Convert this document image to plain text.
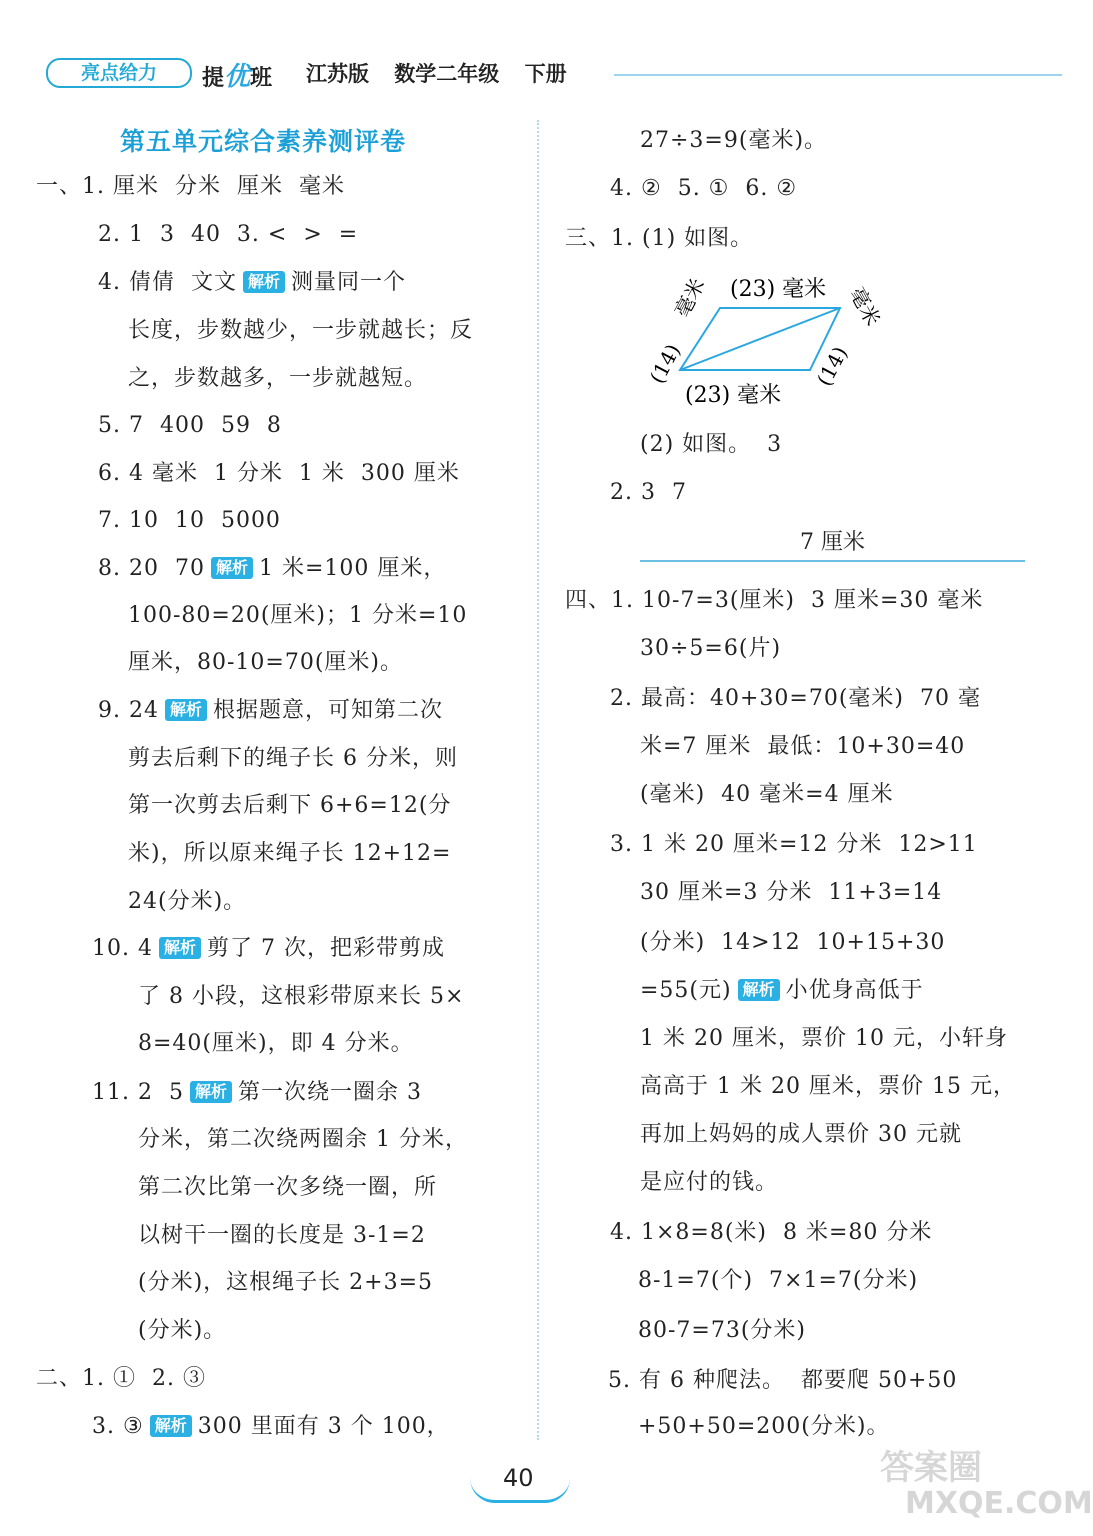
亮点给力	提优班 江苏版 数学二年级 下册
第五单元综合素养测评卷
一、1. 厘米  分米  厘米  毫米
2. 1  3  40  3. <  >  =
4. 倩倩  文文 解析 测量同一个
长度，步数越少，一步就越长；反
之，步数越多，一步就越短。
5. 7  400  59  8
6. 4 毫米  1 分米  1 米  300 厘米
7. 10  10  5000
8. 20  70 解析 1 米=100 厘米，
100-80=20(厘米)；1 分米=10
厘米，80-10=70(厘米)。
9. 24 解析 根据题意，可知第二次
剪去后剩下的绳子长 6 分米，则
第一次剪去后剩下 6+6=12(分
米)，所以原来绳子长 12+12=
24(分米)。
10. 4 解析 剪了 7 次，把彩带剪成
了 8 小段，这根彩带原来长 5×
8=40(厘米)，即 4 分米。
11. 2  5 解析 第一次绕一圈余 3
分米，第二次绕两圈余 1 分米，
第二次比第一次多绕一圈，所
以树干一圈的长度是 3-1=2
(分米)，这根绳子长 2+3=5
(分米)。
二、1. ①  2. ③
3. ③ 解析 300 里面有 3 个 100，
27÷3=9(毫米)。
4. ②  5. ①  6. ②
三、1. (1) 如图。
(2) 如图。  3
2. 3  7
四、1. 10-7=3(厘米)  3 厘米=30 毫米
30÷5=6(片)
2. 最高：40+30=70(毫米)  70 毫
米=7 厘米  最低：10+30=40
(毫米)  40 毫米=4 厘米
3. 1 米 20 厘米=12 分米  12>11
30 厘米=3 分米  11+3=14
(分米)  14>12  10+15+30
=55(元) 解析 小优身高低于
1 米 20 厘米，票价 10 元，小轩身
高高于 1 米 20 厘米，票价 15 元，
再加上妈妈的成人票价 30 元就
是应付的钱。
4. 1×8=8(米)  8 米=80 分米
8-1=7(个)  7×1=7(分米)
80-7=73(分米)
5. 有 6 种爬法。  都要爬 50+50
+50+50=200(分米)。
(23) 毫米
(23) 毫米
(14)
毫米
(14)
毫米
7 厘米
40	答案圈
MXQE.COM
